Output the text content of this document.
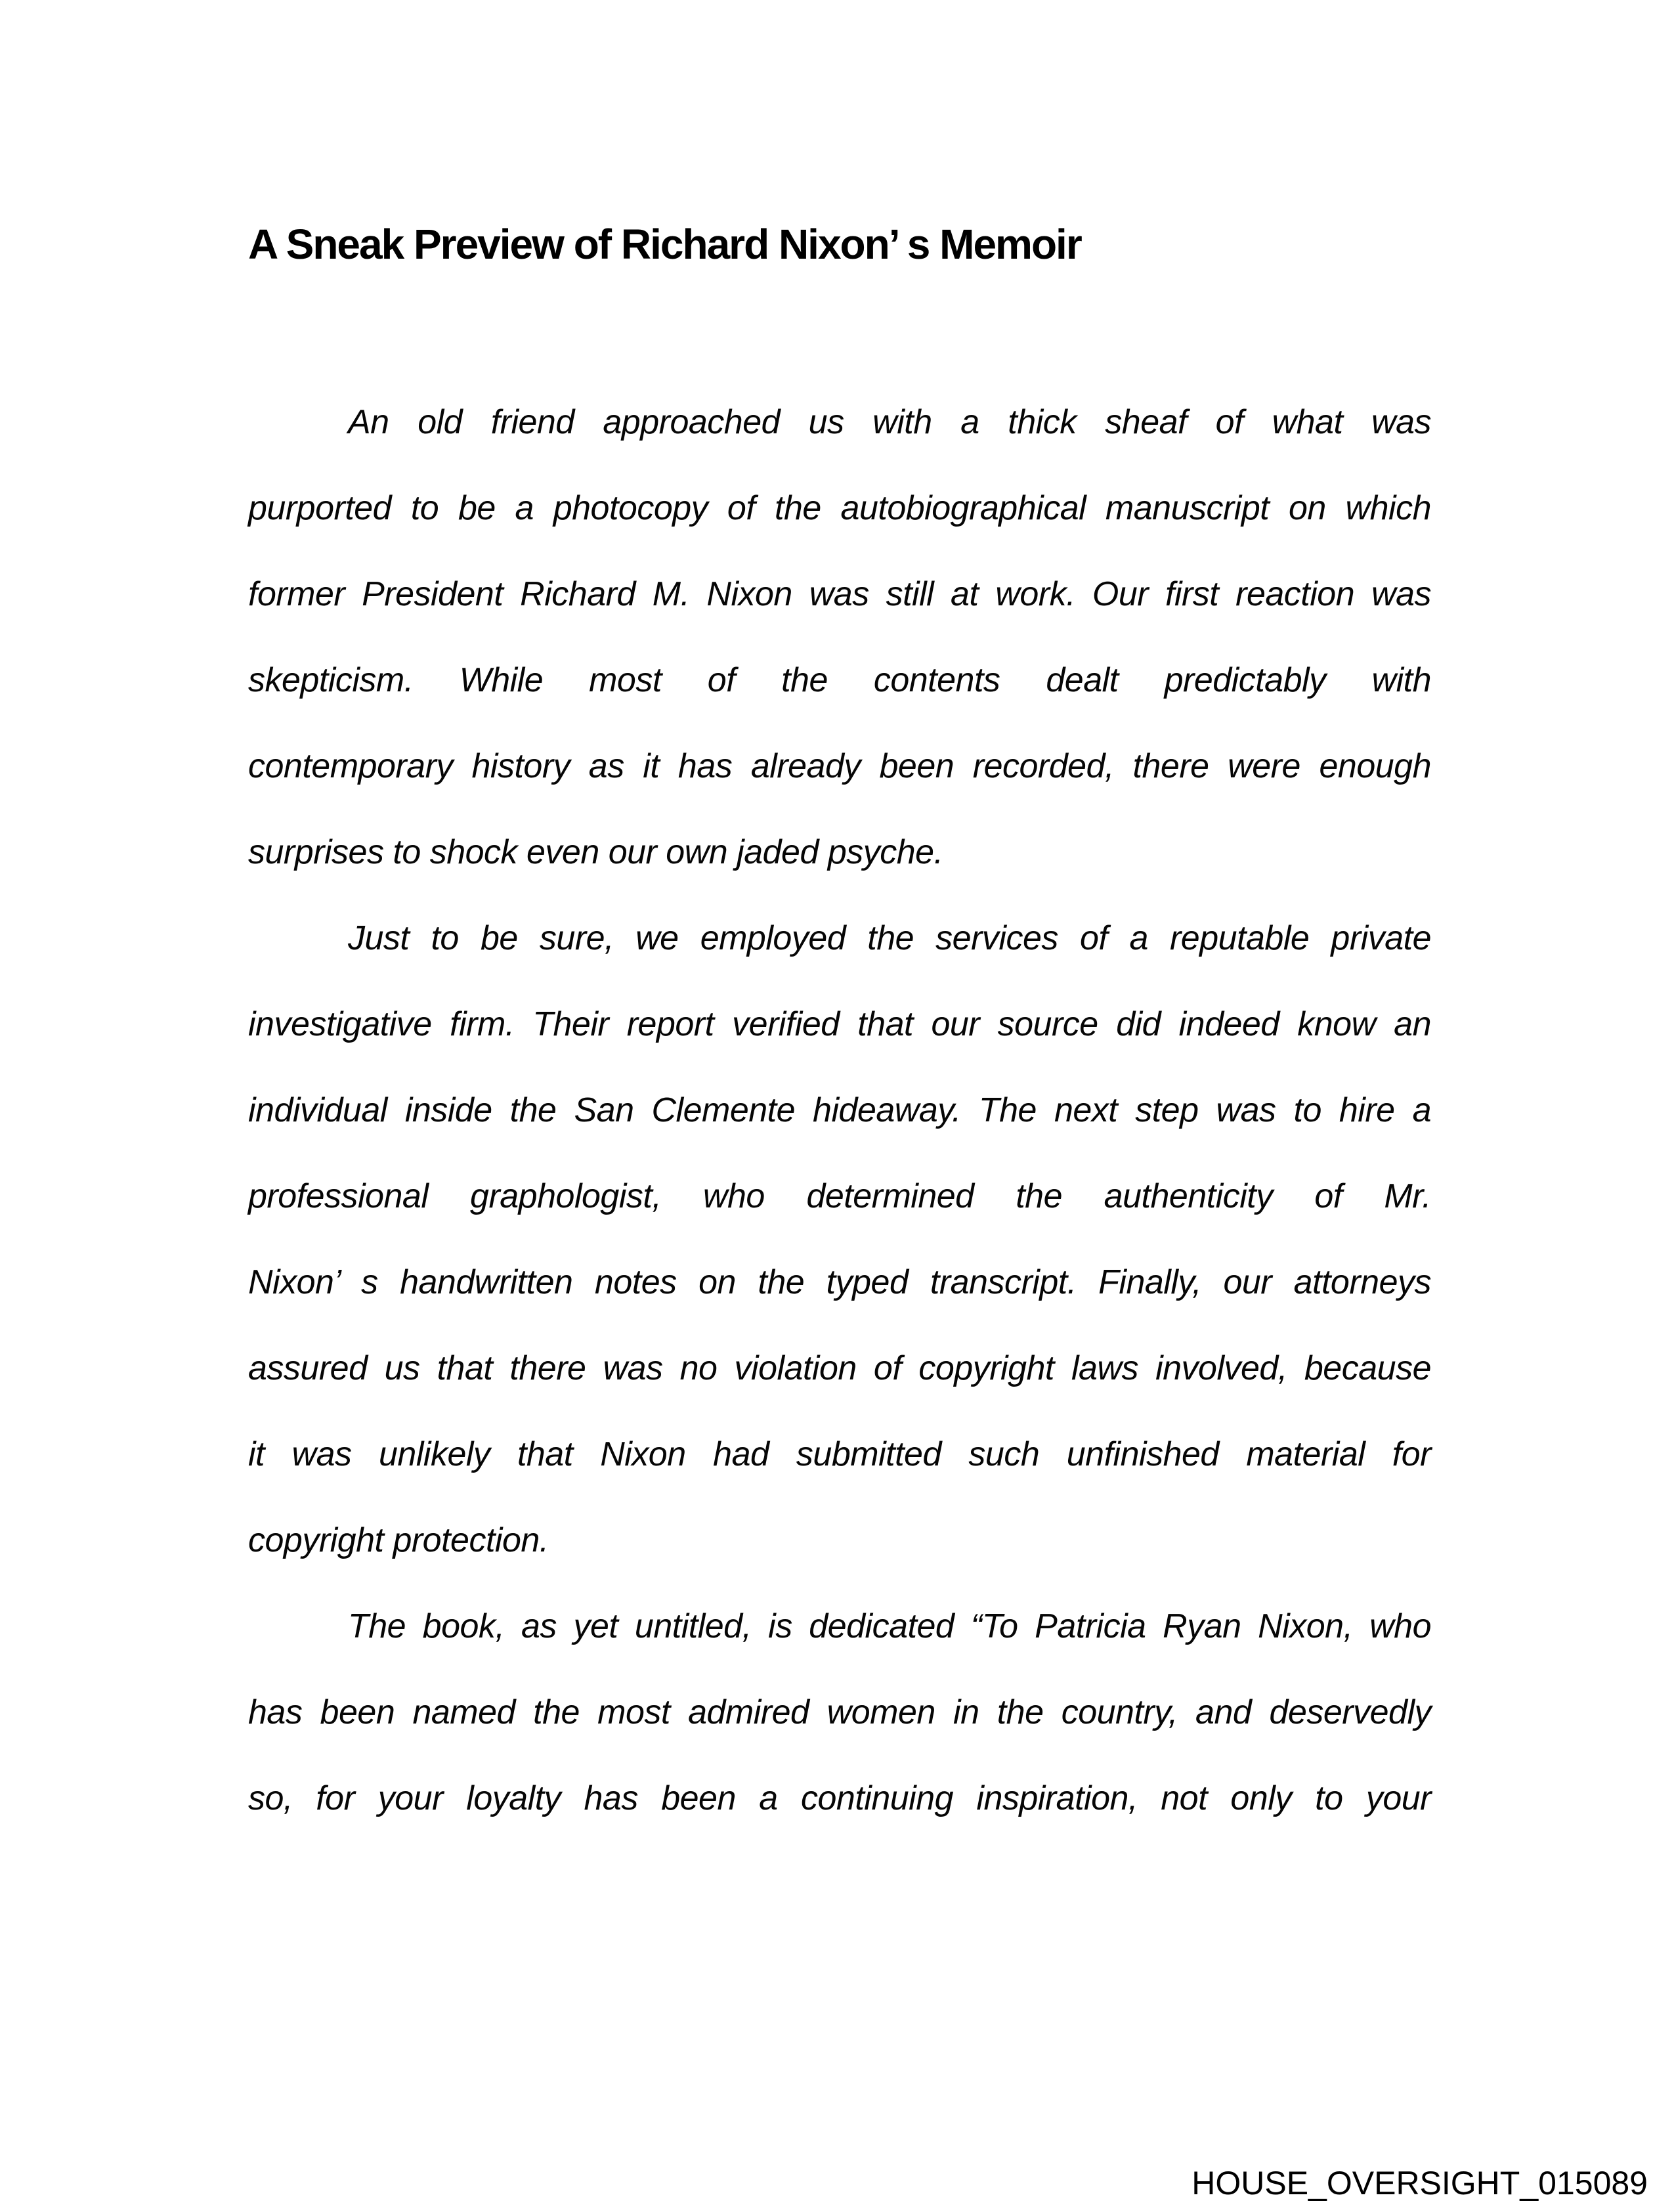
A Sneak Preview of Richard Nixon’ s Memoir
An old friend approached us with a thick sheaf of what was
purported to be a photocopy of the autobiographical manuscript on which
former President Richard M. Nixon was still at work. Our first reaction was
skepticism. While most of the contents dealt predictably with
contemporary history as it has already been recorded, there were enough
surprises to shock even our own jaded psyche.
Just to be sure, we employed the services of a reputable private
investigative firm. Their report verified that our source did indeed know an
individual inside the San Clemente hideaway. The next step was to hire a
professional graphologist, who determined the authenticity of Mr.
Nixon’ s handwritten notes on the typed transcript. Finally, our attorneys
assured us that there was no violation of copyright laws involved, because
it was unlikely that Nixon had submitted such unfinished material for
copyright protection.
The book, as yet untitled, is dedicated “To Patricia Ryan Nixon, who
has been named the most admired women in the country, and deservedly
so, for your loyalty has been a continuing inspiration, not only to your
HOUSE_OVERSIGHT_015089
